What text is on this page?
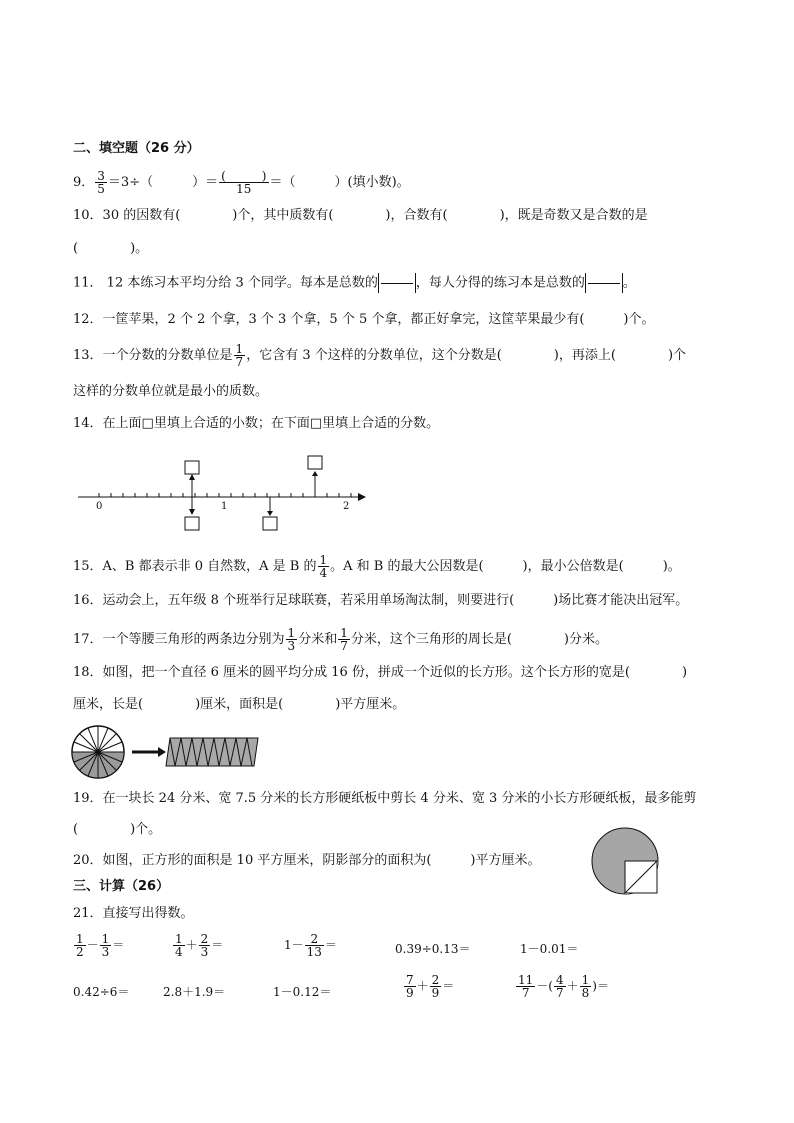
二、填空题（26 分）
9． $\frac{3}{5} =3\div$（　　　	）＝ (　　　)
15	＝（　　　	）(填小数)。
10．30 的因数有(　　　　)个，其中质数有(　　　　)，合数有(　　　　)，既是奇数又是合数的是
(　　　　)。
11． 12 本练习本平均分给 3 个同学。每本是总数的	，每人分得的练习本是总数的	。
12．一筐苹果，2 个 2 个拿，3 个 3 个拿，5 个 5 个拿，都正好拿完，这筐苹果最少有(　　　)个。
13．一个分数的分数单位是 $\frac{1}{7}$ ，它含有 3 个这样的分数单位，这个分数是(　　　　)，再添上(　　　　)个
这样的分数单位就是最小的质数。
14．在上面□里填上合适的小数；在下面□里填上合适的分数。
0	1	2
15．A、B 都表示非 0 自然数，A 是 B 的 $\frac{1}{4}$ 。A 和 B 的最大公因数是(　　　)，最小公倍数是(　　　)。
16．运动会上，五年级 8 个班举行足球联赛，若采用单场淘汰制，则要进行(　　　)场比赛才能决出冠军。
17．一个等腰三角形的两条边分别为 $\frac{1}{3}$ 分米和 $\frac{1}{7}$ 分米，这个三角形的周长是(　　　　)分米。
18．如图，把一个直径 6 厘米的圆平均分成 16 份，拼成一个近似的长方形。这个长方形的宽是(　　　　)
厘米，长是(　　　　)厘米，面积是(　　　　)平方厘米。
19．在一块长 24 分米、宽 7.5 分米的长方形硬纸板中剪长 4 分米、宽 3 分米的小长方形硬纸板，最多能剪
(　　　　)个。
20．如图，正方形的面积是 10 平方厘米，阴影部分的面积为(　　　)平方厘米。
三、计算（26）
21．直接写出得数。
$\frac{1}{2} - \frac{1}{3}$ ＝	$\frac{1}{4} + \frac{2}{3}$ ＝	$1- \frac{2}{13}$ ＝	0.39÷0.13＝	1－0.01＝
0.42÷6＝	2.8＋1.9＝	1－0.12＝	$\frac{7}{9} + \frac{2}{9}$ ＝	$\frac{11}{7}$ －( $\frac{4}{7} + \frac{1}{8}$ )＝
